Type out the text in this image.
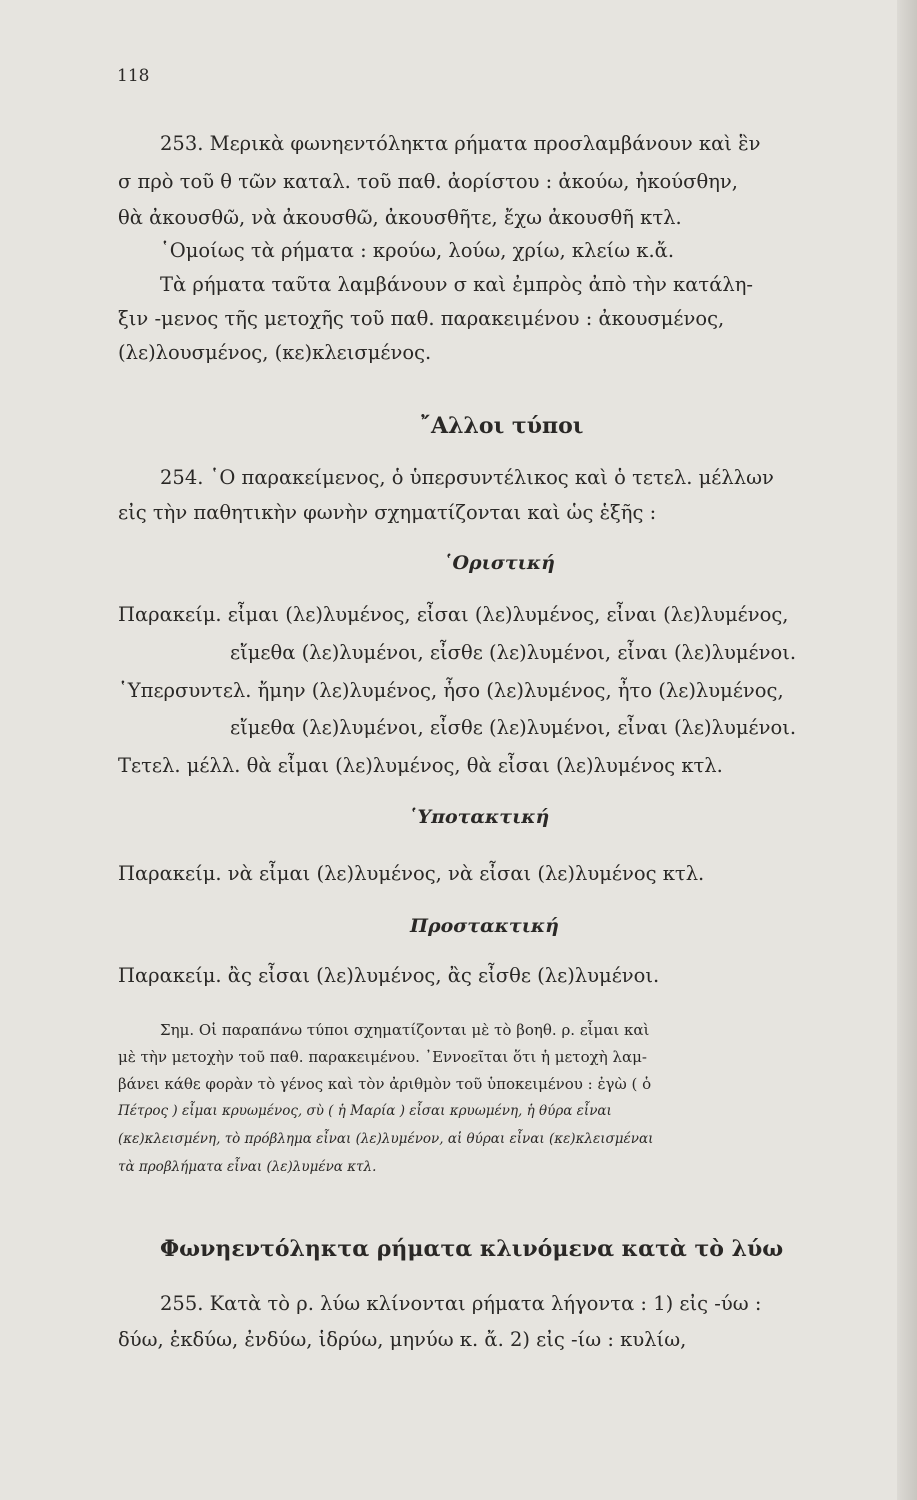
118
253. Μερικὰ φωνηεντόληκτα ρήματα προσλαμβάνουν καὶ ἓν
σ πρὸ τοῦ θ τῶν καταλ. τοῦ παθ. ἀορίστου : ἀκούω, ἠκούσθην,
θὰ ἀκουσθῶ, νὰ ἀκουσθῶ, ἀκουσθῆτε, ἔχω ἀκουσθῆ κτλ.
῾Ομοίως τὰ ρήματα : κρούω, λούω, χρίω, κλείω κ.ἄ.
Τὰ ρήματα ταῦτα λαμβάνουν σ καὶ ἐμπρὸς ἀπὸ τὴν κατάλη-
ξιν -μενος τῆς μετοχῆς τοῦ παθ. παρακειμένου : ἀκουσμένος,
(λε)λουσμένος, (κε)κλεισμένος.
῎Αλλοι τύποι
254. ῾Ο παρακείμενος, ὁ ὑπερσυντέλικος καὶ ὁ τετελ. μέλλων
εἰς τὴν παθητικὴν φωνὴν σχηματίζονται καὶ ὡς ἑξῆς :
῾Οριστική
Παρακείμ. εἶμαι (λε)λυμένος, εἶσαι (λε)λυμένος, εἶναι (λε)λυμένος,
εἴμεθα (λε)λυμένοι, εἶσθε (λε)λυμένοι, εἶναι (λε)λυμένοι.
῾Υπερσυντελ. ἤμην (λε)λυμένος, ἦσο (λε)λυμένος, ἦτο (λε)λυμένος,
εἴμεθα (λε)λυμένοι, εἶσθε (λε)λυμένοι, εἶναι (λε)λυμένοι.
Τετελ. μέλλ. θὰ εἶμαι (λε)λυμένος, θὰ εἶσαι (λε)λυμένος κτλ.
῾Υποτακτική
Παρακείμ. νὰ εἶμαι (λε)λυμένος, νὰ εἶσαι (λε)λυμένος κτλ.
Προστακτική
Παρακείμ. ἂς εἶσαι (λε)λυμένος, ἂς εἶσθε (λε)λυμένοι.
Σημ. Οἱ παραπάνω τύποι σχηματίζονται μὲ τὸ βοηθ. ρ. εἶμαι καὶ
μὲ τὴν μετοχὴν τοῦ παθ. παρακειμένου. ᾿Εννοεῖται ὅτι ἡ μετοχὴ λαμ-
βάνει κάθε φορὰν τὸ γένος καὶ τὸν ἀριθμὸν τοῦ ὑποκειμένου : ἐγὼ ( ὁ
Πέτρος ) εἶμαι κρυωμένος, σὺ ( ἡ Μαρία ) εἶσαι κρυωμένη, ἡ θύρα εἶναι
(κε)κλεισμένη, τὸ πρόβλημα εἶναι (λε)λυμένον, αἱ θύραι εἶναι (κε)κλεισμέναι
τὰ προβλήματα εἶναι (λε)λυμένα κτλ.
Φωνηεντόληκτα ρήματα κλινόμενα κατὰ τὸ λύω
255. Κατὰ τὸ ρ. λύω κλίνονται ρήματα λήγοντα : 1) εἰς -ύω :
δύω, ἐκδύω, ἐνδύω, ἱδρύω, μηνύω κ. ἄ. 2) εἰς -ίω : κυλίω,
